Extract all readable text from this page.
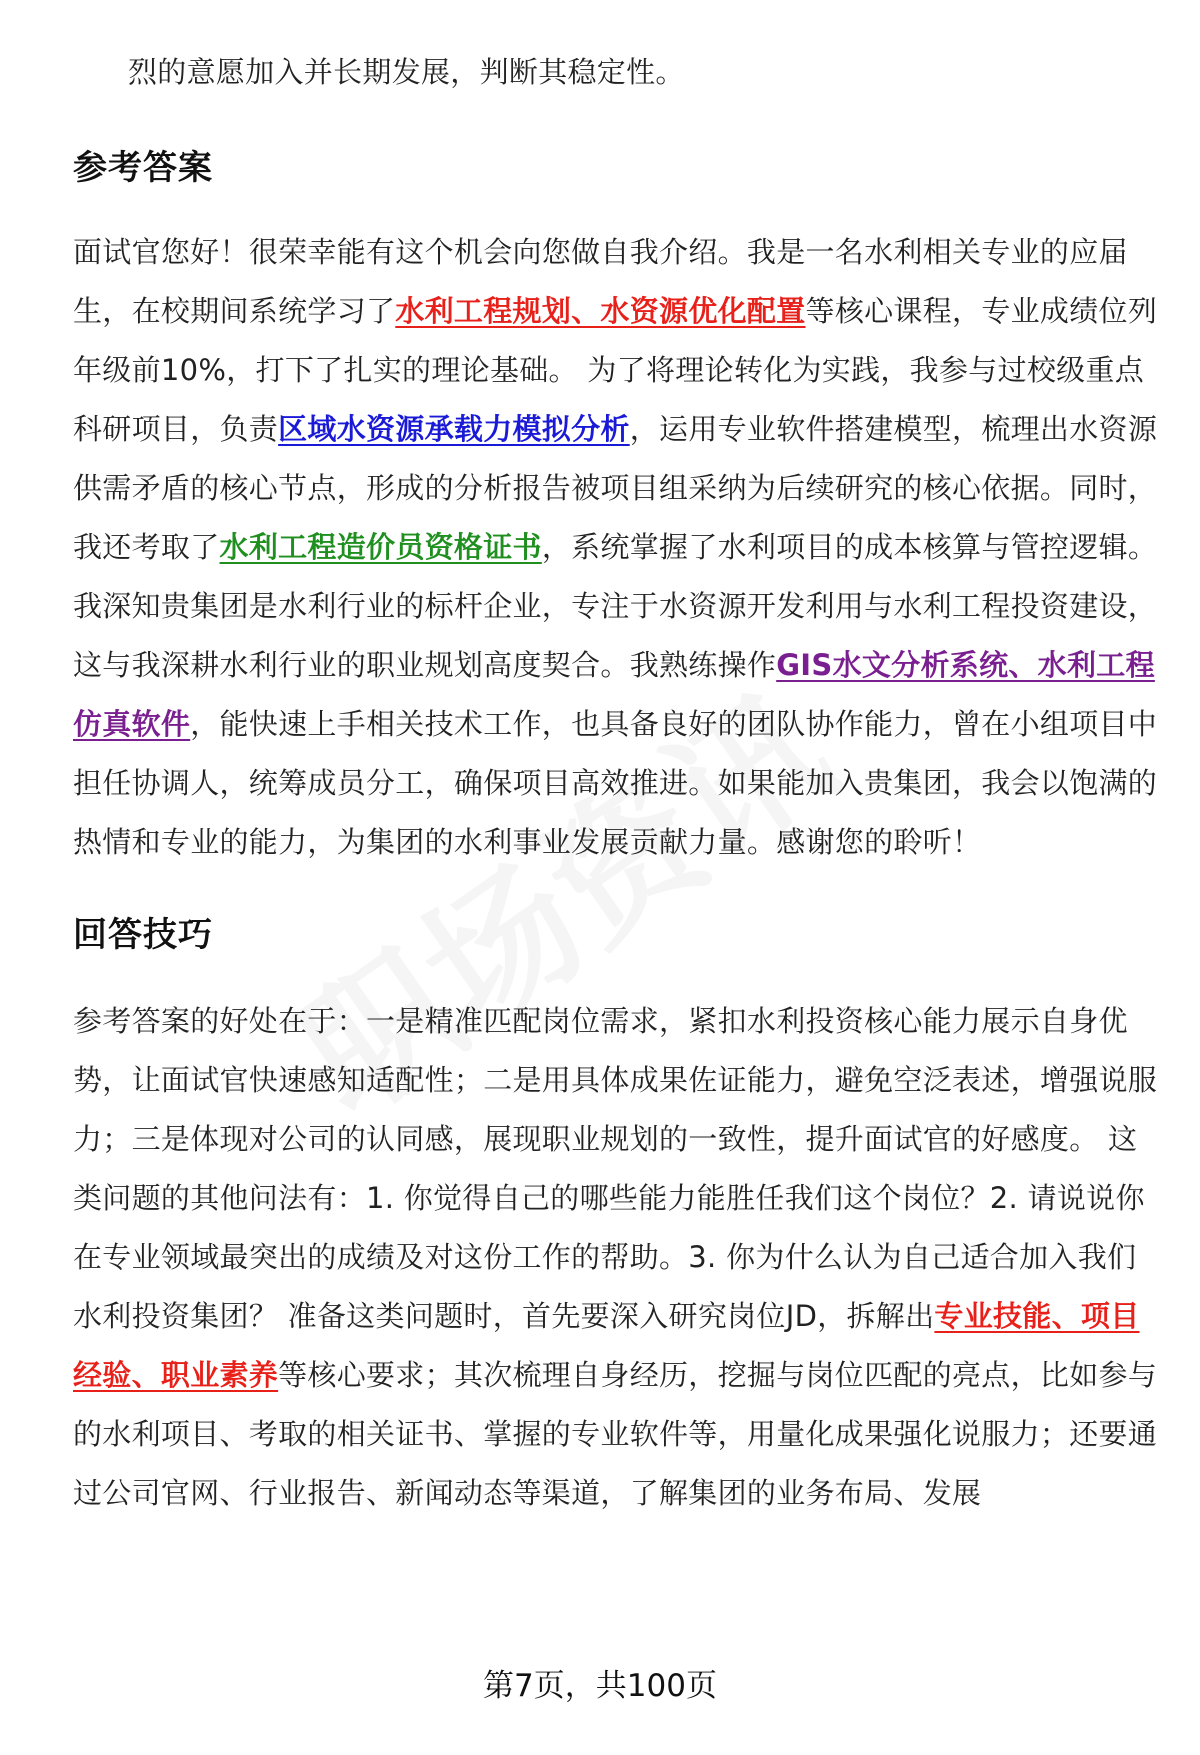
烈的意愿加入并长期发展，判断其稳定性。

参考答案

面试官您好！很荣幸能有这个机会向您做自我介绍。我是一名水利相关专业的应届生，在校期间系统学习了水利工程规划、水资源优化配置等核心课程，专业成绩位列年级前10%，打下了扎实的理论基础。 为了将理论转化为实践，我参与过校级重点科研项目，负责区域水资源承载力模拟分析，运用专业软件搭建模型，梳理出水资源供需矛盾的核心节点，形成的分析报告被项目组采纳为后续研究的核心依据。同时，我还考取了水利工程造价员资格证书，系统掌握了水利项目的成本核算与管控逻辑。 我深知贵集团是水利行业的标杆企业，专注于水资源开发利用与水利工程投资建设，这与我深耕水利行业的职业规划高度契合。我熟练操作GIS水文分析系统、水利工程仿真软件，能快速上手相关技术工作，也具备良好的团队协作能力，曾在小组项目中担任协调人，统筹成员分工，确保项目高效推进。如果能加入贵集团，我会以饱满的热情和专业的能力，为集团的水利事业发展贡献力量。感谢您的聆听！

回答技巧

参考答案的好处在于：一是精准匹配岗位需求，紧扣水利投资核心能力展示自身优势，让面试官快速感知适配性；二是用具体成果佐证能力，避免空泛表述，增强说服力；三是体现对公司的认同感，展现职业规划的一致性，提升面试官的好感度。 这类问题的其他问法有：1. 你觉得自己的哪些能力能胜任我们这个岗位？2. 请说说你在专业领域最突出的成绩及对这份工作的帮助。3. 你为什么认为自己适合加入我们水利投资集团？ 准备这类问题时，首先要深入研究岗位JD，拆解出专业技能、项目经验、职业素养等核心要求；其次梳理自身经历，挖掘与岗位匹配的亮点，比如参与的水利项目、考取的相关证书、掌握的专业软件等，用量化成果强化说服力；还要通过公司官网、行业报告、新闻动态等渠道，了解集团的业务布局、发展

第7页，共100页
